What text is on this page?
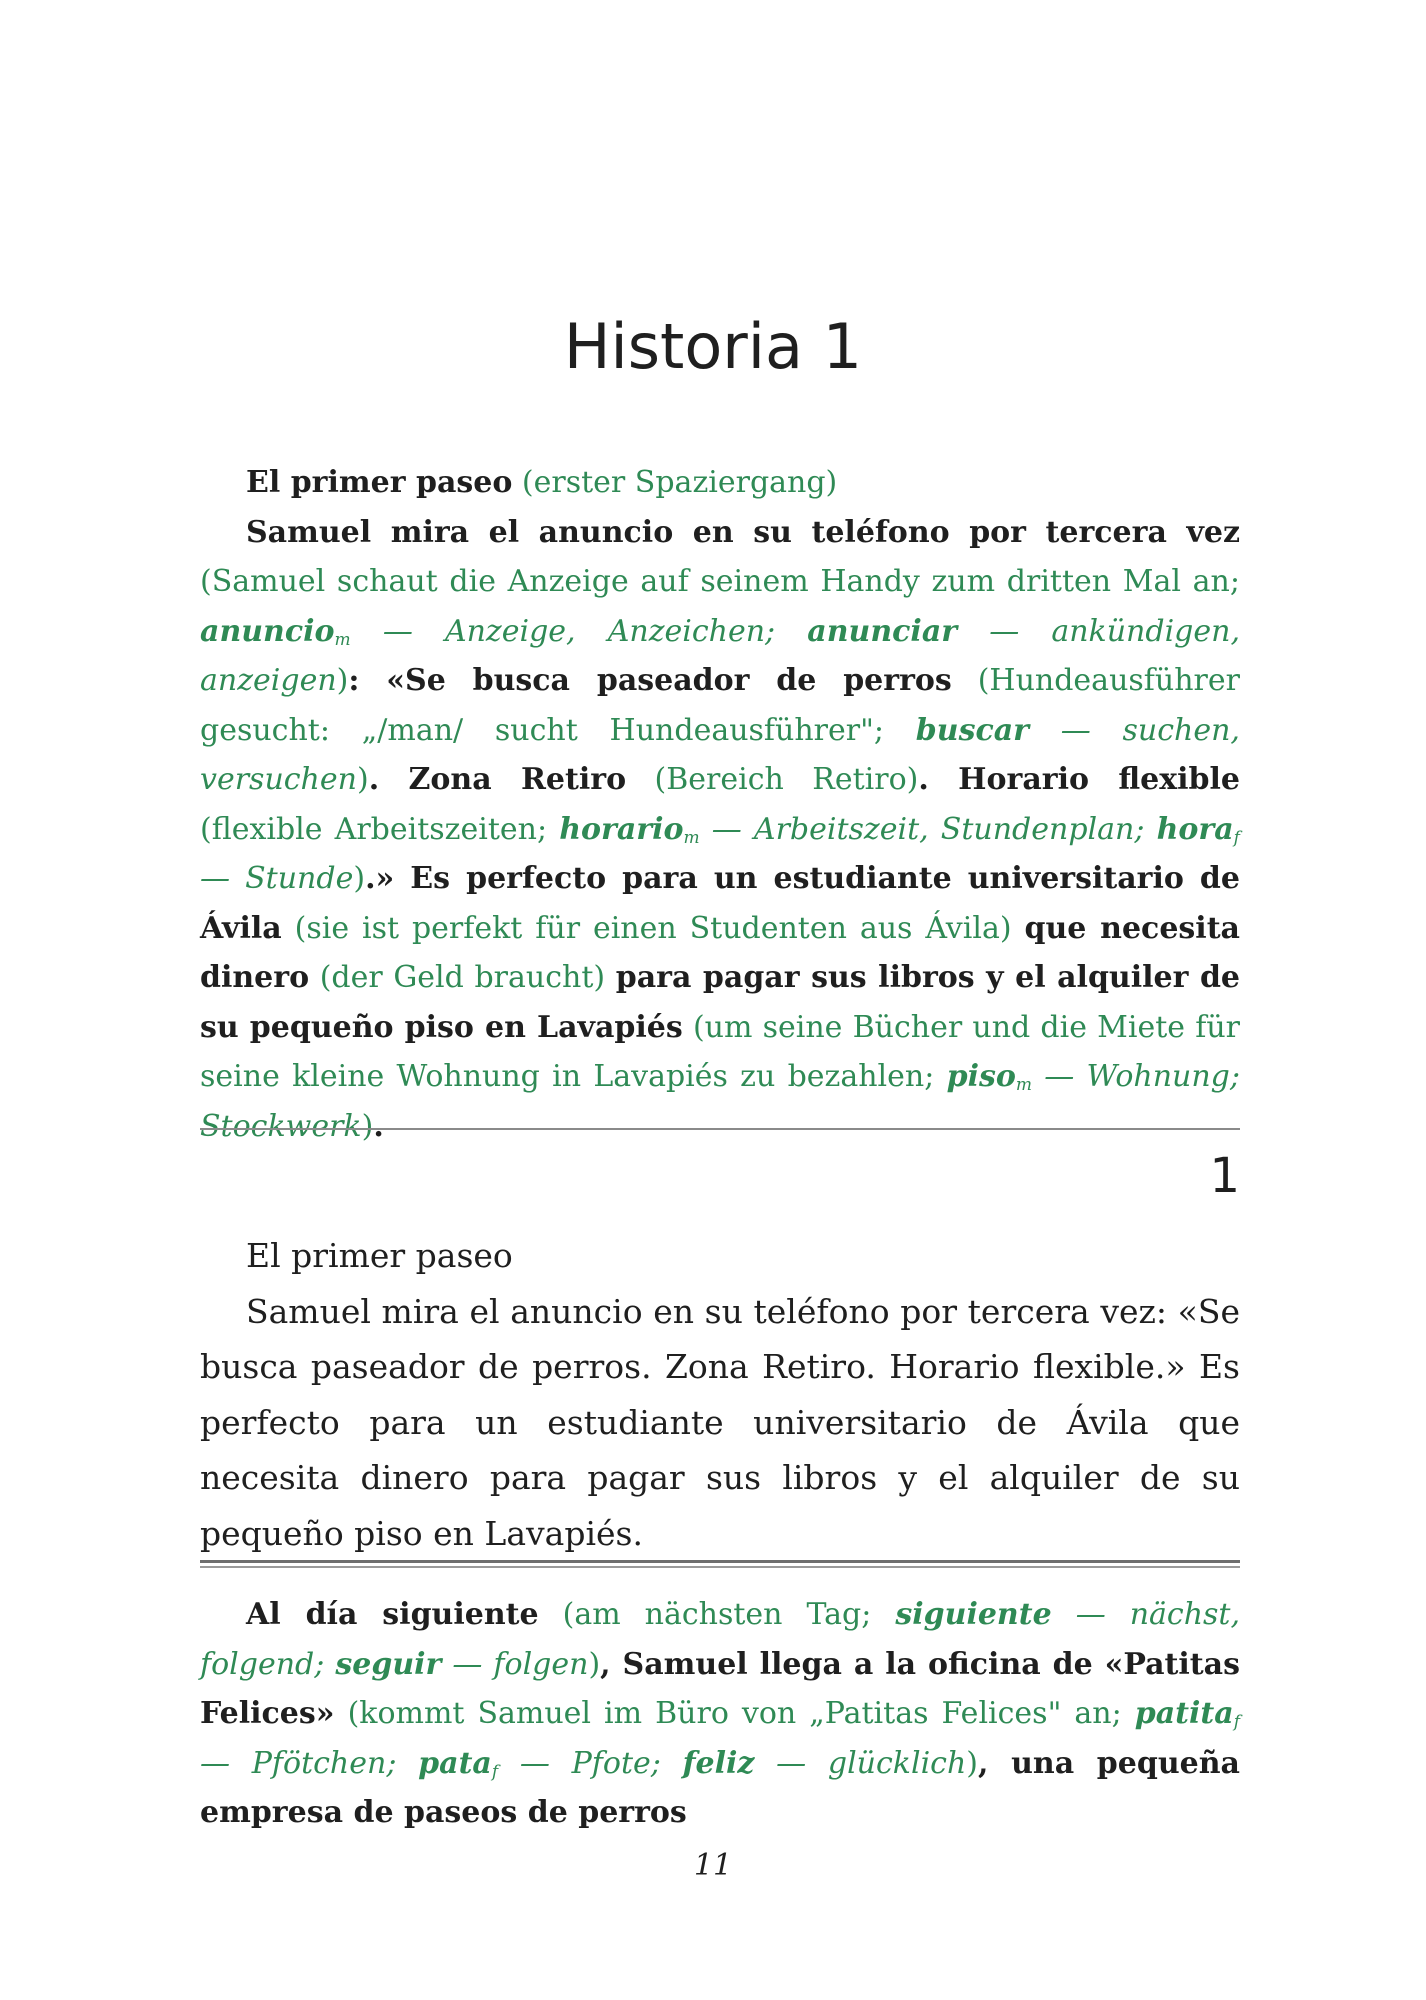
Historia 1

El primer paseo (erster Spaziergang)

Samuel mira el anuncio en su teléfono por tercera vez (Samuel schaut die Anzeige auf seinem Handy zum dritten Mal an; anuncio$_m$ — Anzeige, Anzeichen; anunciar — ankündigen, anzeigen): «Se busca paseador de perros (Hundeausführer gesucht: „/man/ sucht Hundeausführer"; buscar — suchen, versuchen). Zona Retiro (Bereich Retiro). Horario flexible (flexible Arbeitszeiten; horario$_m$ — Arbeitszeit, Stundenplan; hora$_f$ — Stunde).» Es perfecto para un estudiante universitario de Ávila (sie ist perfekt für einen Studenten aus Ávila) que necesita dinero (der Geld braucht) para pagar sus libros y el alquiler de su pequeño piso en Lavapiés (um seine Bücher und die Miete für seine kleine Wohnung in Lavapiés zu bezahlen; piso$_m$ — Wohnung; Stockwerk).

1

El primer paseo

Samuel mira el anuncio en su teléfono por tercera vez: «Se busca paseador de perros. Zona Retiro. Horario flexible.» Es perfecto para un estudiante universitario de Ávila que necesita dinero para pagar sus libros y el alquiler de su pequeño piso en Lavapiés.

Al día siguiente (am nächsten Tag; siguiente — nächst, folgend; seguir — folgen), Samuel llega a la oficina de «Patitas Felices» (kommt Samuel im Büro von „Patitas Felices" an; patita$_f$ — Pfötchen; pata$_f$ — Pfote; feliz — glücklich), una pequeña empresa de paseos de perros

11
